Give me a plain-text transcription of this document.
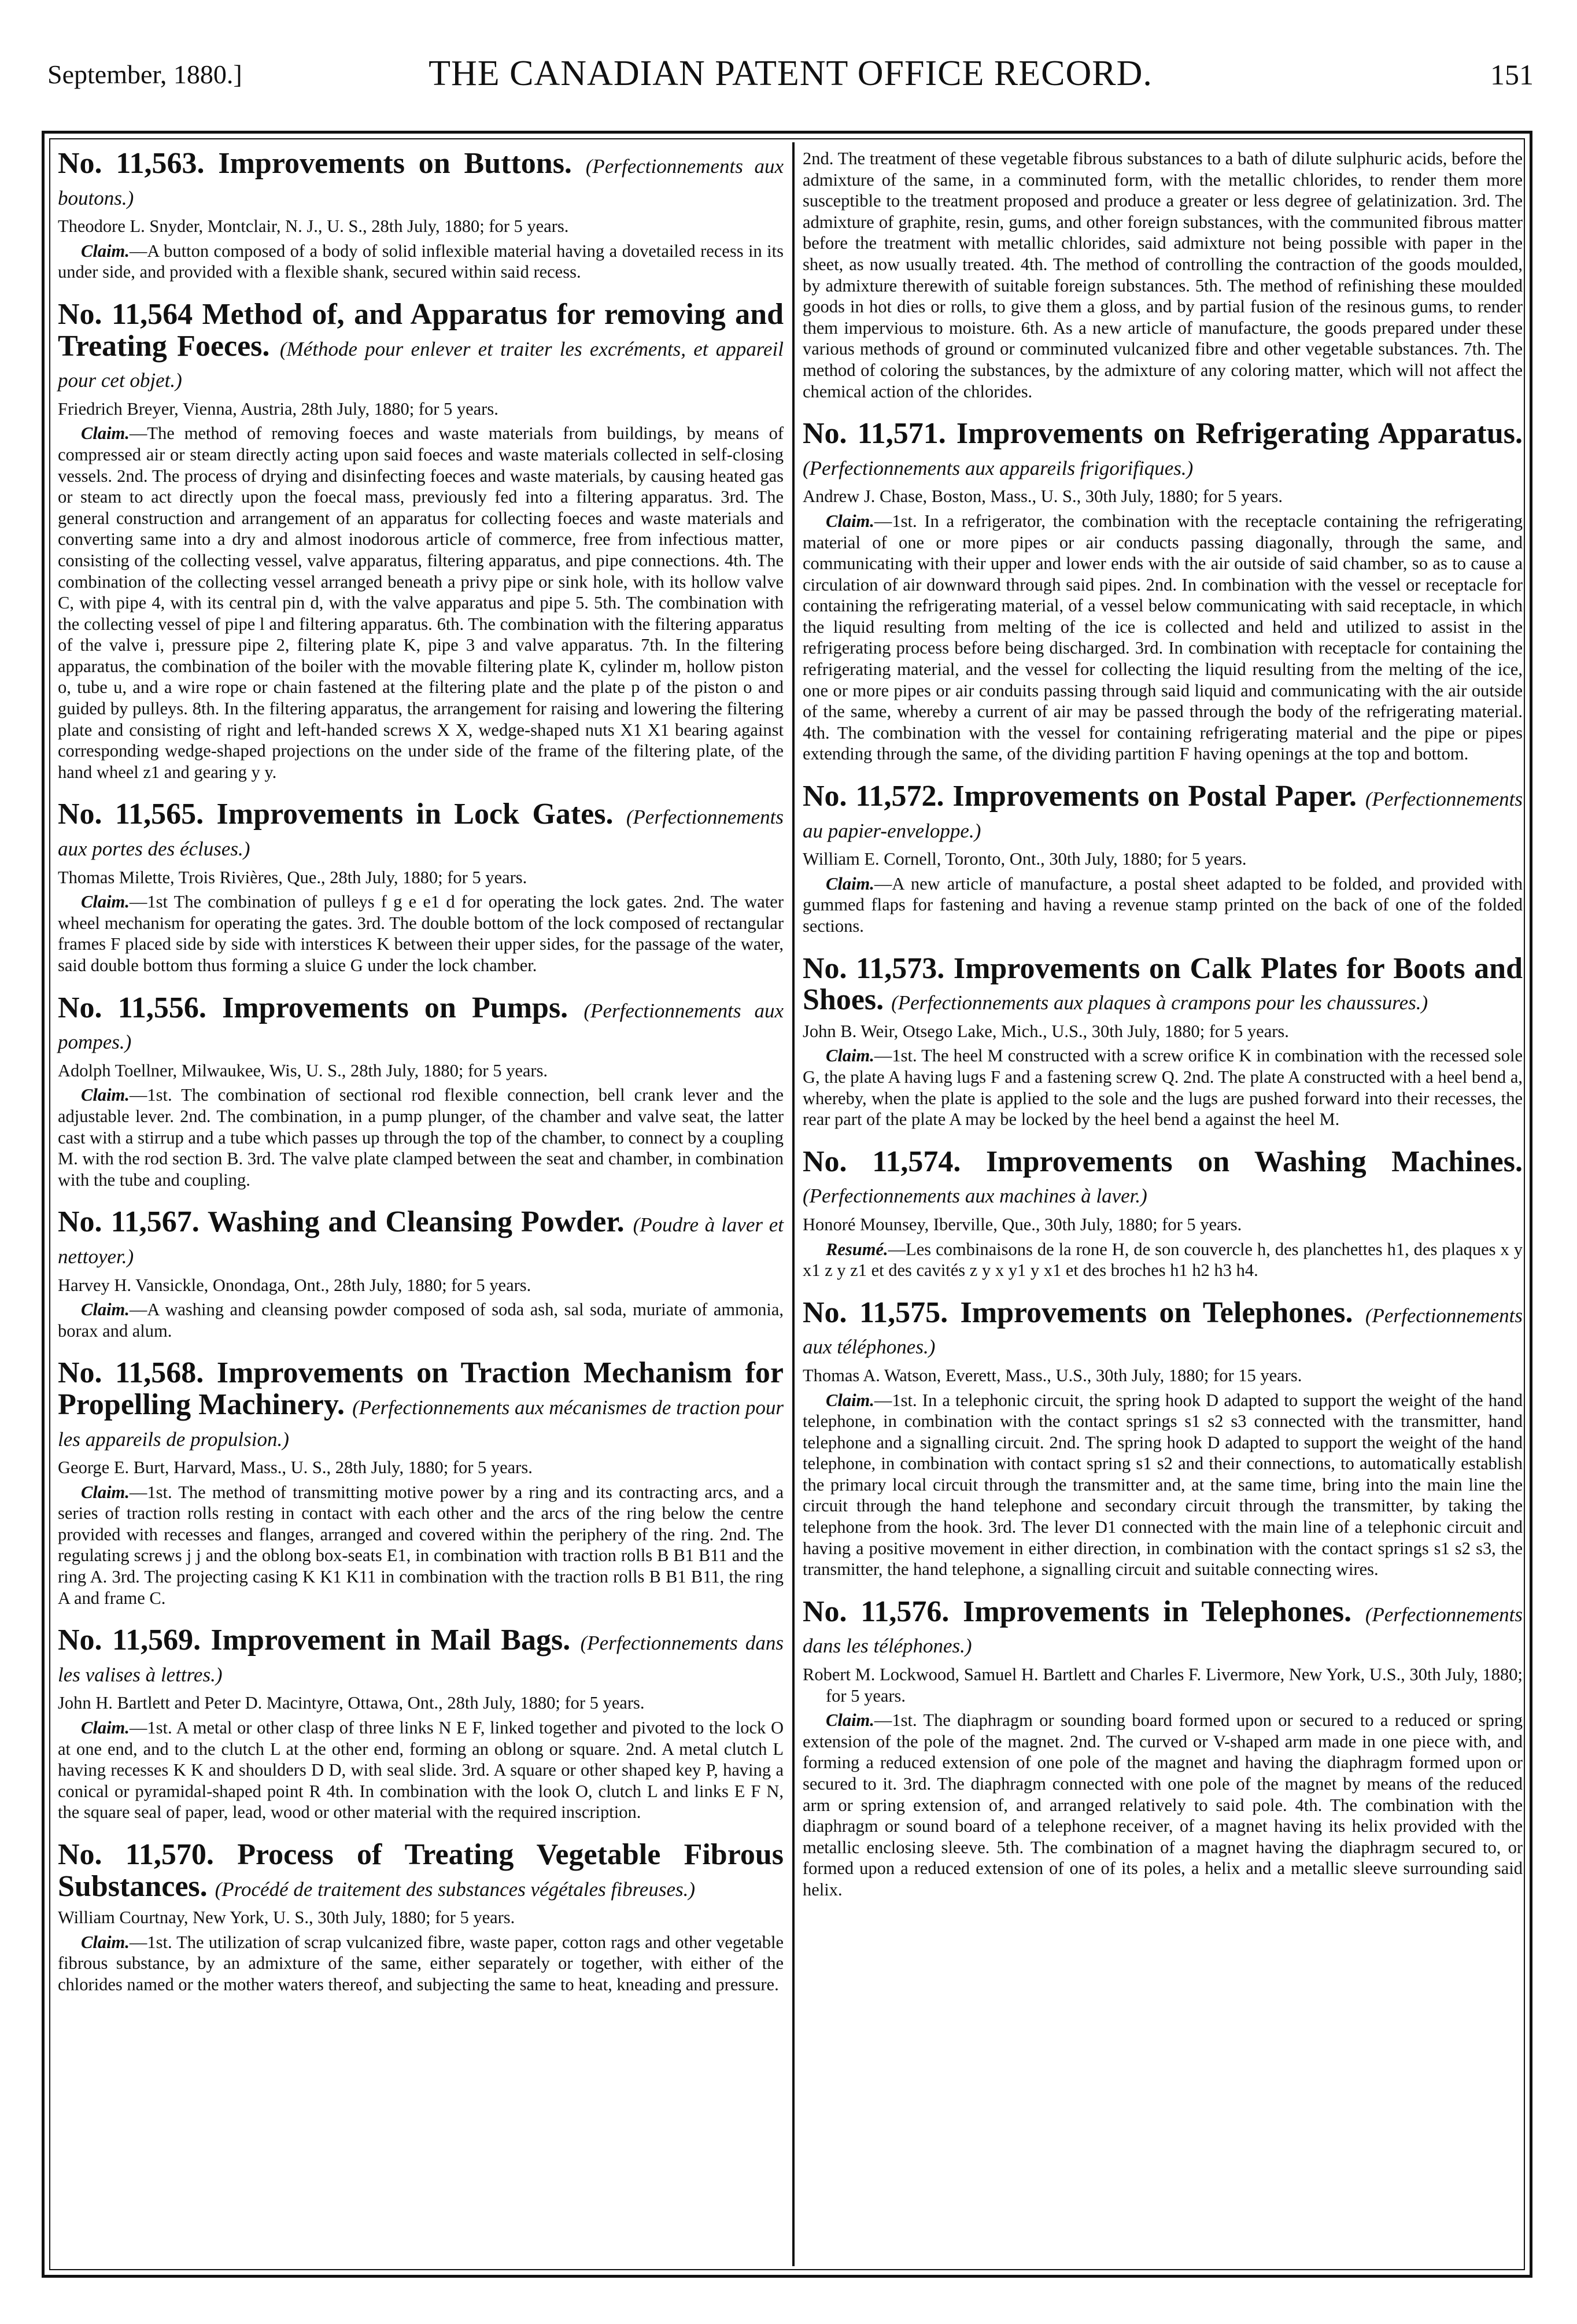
September, 1880.]	THE CANADIAN PATENT OFFICE RECORD.	151
No. 11,563. Improvements on Buttons. (Perfectionnements aux boutons.)

Theodore L. Snyder, Montclair, N. J., U. S., 28th July, 1880; for 5 years.

Claim.—A button composed of a body of solid inflexible material having a dovetailed recess in its under side, and provided with a flexible shank, secured within said recess.

No. 11,564 Method of, and Apparatus for removing and Treating Foeces. (Méthode pour enlever et traiter les excréments, et appareil pour cet objet.)

Friedrich Breyer, Vienna, Austria, 28th July, 1880; for 5 years.

Claim.—The method of removing foeces and waste materials from buildings, by means of compressed air or steam directly acting upon said foeces and waste materials collected in self-closing vessels. 2nd. The process of drying and disinfecting foeces and waste materials, by causing heated gas or steam to act directly upon the foecal mass, previously fed into a filtering apparatus. 3rd. The general construction and arrangement of an apparatus for collecting foeces and waste materials and converting same into a dry and almost inodorous article of commerce, free from infectious matter, consisting of the collecting vessel, valve apparatus, filtering apparatus, and pipe connections. 4th. The combination of the collecting vessel arranged beneath a privy pipe or sink hole, with its hollow valve C, with pipe 4, with its central pin d, with the valve apparatus and pipe 5. 5th. The combination with the collecting vessel of pipe l and filtering apparatus. 6th. The combination with the filtering apparatus of the valve i, pressure pipe 2, filtering plate K, pipe 3 and valve apparatus. 7th. In the filtering apparatus, the combination of the boiler with the movable filtering plate K, cylinder m, hollow piston o, tube u, and a wire rope or chain fastened at the filtering plate and the plate p of the piston o and guided by pulleys. 8th. In the filtering apparatus, the arrangement for raising and lowering the filtering plate and consisting of right and left-handed screws X X, wedge-shaped nuts X1 X1 bearing against corresponding wedge-shaped projections on the under side of the frame of the filtering plate, of the hand wheel z1 and gearing y y.

No. 11,565. Improvements in Lock Gates. (Perfectionnements aux portes des écluses.)

Thomas Milette, Trois Rivières, Que., 28th July, 1880; for 5 years.

Claim.—1st The combination of pulleys f g e e1 d for operating the lock gates. 2nd. The water wheel mechanism for operating the gates. 3rd. The double bottom of the lock composed of rectangular frames F placed side by side with interstices K between their upper sides, for the passage of the water, said double bottom thus forming a sluice G under the lock chamber.

No. 11,556. Improvements on Pumps. (Perfectionnements aux pompes.)

Adolph Toellner, Milwaukee, Wis, U. S., 28th July, 1880; for 5 years.

Claim.—1st. The combination of sectional rod flexible connection, bell crank lever and the adjustable lever. 2nd. The combination, in a pump plunger, of the chamber and valve seat, the latter cast with a stirrup and a tube which passes up through the top of the chamber, to connect by a coupling M. with the rod section B. 3rd. The valve plate clamped between the seat and chamber, in combination with the tube and coupling.

No. 11,567. Washing and Cleansing Powder. (Poudre à laver et nettoyer.)

Harvey H. Vansickle, Onondaga, Ont., 28th July, 1880; for 5 years.

Claim.—A washing and cleansing powder composed of soda ash, sal soda, muriate of ammonia, borax and alum.

No. 11,568. Improvements on Traction Mechanism for Propelling Machinery. (Perfectionnements aux mécanismes de traction pour les appareils de propulsion.)

George E. Burt, Harvard, Mass., U. S., 28th July, 1880; for 5 years.

Claim.—1st. The method of transmitting motive power by a ring and its contracting arcs, and a series of traction rolls resting in contact with each other and the arcs of the ring below the centre provided with recesses and flanges, arranged and covered within the periphery of the ring. 2nd. The regulating screws j j and the oblong box-seats E1, in combination with traction rolls B B1 B11 and the ring A. 3rd. The projecting casing K K1 K11 in combination with the traction rolls B B1 B11, the ring A and frame C.

No. 11,569. Improvement in Mail Bags. (Perfectionnements dans les valises à lettres.)

John H. Bartlett and Peter D. Macintyre, Ottawa, Ont., 28th July, 1880; for 5 years.

Claim.—1st. A metal or other clasp of three links N E F, linked together and pivoted to the lock O at one end, and to the clutch L at the other end, forming an oblong or square. 2nd. A metal clutch L having recesses K K and shoulders D D, with seal slide. 3rd. A square or other shaped key P, having a conical or pyramidal-shaped point R 4th. In combination with the look O, clutch L and links E F N, the square seal of paper, lead, wood or other material with the required inscription.

No. 11,570. Process of Treating Vegetable Fibrous Substances. (Procédé de traitement des substances végétales fibreuses.)

William Courtnay, New York, U. S., 30th July, 1880; for 5 years.

Claim.—1st. The utilization of scrap vulcanized fibre, waste paper, cotton rags and other vegetable fibrous substance, by an admixture of the same, either separately or together, with either of the chlorides named or the mother waters thereof, and subjecting the same to heat, kneading and pressure.

2nd. The treatment of these vegetable fibrous substances to a bath of dilute sulphuric acids, before the admixture of the same, in a comminuted form, with the metallic chlorides, to render them more susceptible to the treatment proposed and produce a greater or less degree of gelatinization. 3rd. The admixture of graphite, resin, gums, and other foreign substances, with the communited fibrous matter before the treatment with metallic chlorides, said admixture not being possible with paper in the sheet, as now usually treated. 4th. The method of controlling the contraction of the goods moulded, by admixture therewith of suitable foreign substances. 5th. The method of refinishing these moulded goods in hot dies or rolls, to give them a gloss, and by partial fusion of the resinous gums, to render them impervious to moisture. 6th. As a new article of manufacture, the goods prepared under these various methods of ground or comminuted vulcanized fibre and other vegetable substances. 7th. The method of coloring the substances, by the admixture of any coloring matter, which will not affect the chemical action of the chlorides.

No. 11,571. Improvements on Refrigerating Apparatus. (Perfectionnements aux appareils frigorifiques.)

Andrew J. Chase, Boston, Mass., U. S., 30th July, 1880; for 5 years.

Claim.—1st. In a refrigerator, the combination with the receptacle containing the refrigerating material of one or more pipes or air conducts passing diagonally, through the same, and communicating with their upper and lower ends with the air outside of said chamber, so as to cause a circulation of air downward through said pipes. 2nd. In combination with the vessel or receptacle for containing the refrigerating material, of a vessel below communicating with said receptacle, in which the liquid resulting from melting of the ice is collected and held and utilized to assist in the refrigerating process before being discharged. 3rd. In combination with receptacle for containing the refrigerating material, and the vessel for collecting the liquid resulting from the melting of the ice, one or more pipes or air conduits passing through said liquid and communicating with the air outside of the same, whereby a current of air may be passed through the body of the refrigerating material. 4th. The combination with the vessel for containing refrigerating material and the pipe or pipes extending through the same, of the dividing partition F having openings at the top and bottom.

No. 11,572. Improvements on Postal Paper. (Perfectionnements au papier-enveloppe.)

William E. Cornell, Toronto, Ont., 30th July, 1880; for 5 years.

Claim.—A new article of manufacture, a postal sheet adapted to be folded, and provided with gummed flaps for fastening and having a revenue stamp printed on the back of one of the folded sections.

No. 11,573. Improvements on Calk Plates for Boots and Shoes. (Perfectionnements aux plaques à crampons pour les chaussures.)

John B. Weir, Otsego Lake, Mich., U.S., 30th July, 1880; for 5 years.

Claim.—1st. The heel M constructed with a screw orifice K in combination with the recessed sole G, the plate A having lugs F and a fastening screw Q. 2nd. The plate A constructed with a heel bend a, whereby, when the plate is applied to the sole and the lugs are pushed forward into their recesses, the rear part of the plate A may be locked by the heel bend a against the heel M.

No. 11,574. Improvements on Washing Machines. (Perfectionnements aux machines à laver.)

Honoré Mounsey, Iberville, Que., 30th July, 1880; for 5 years.

Resumé.—Les combinaisons de la rone H, de son couvercle h, des planchettes h1, des plaques x y x1 z y z1 et des cavités z y x y1 y x1 et des broches h1 h2 h3 h4.

No. 11,575. Improvements on Telephones. (Perfectionnements aux téléphones.)

Thomas A. Watson, Everett, Mass., U.S., 30th July, 1880; for 15 years.

Claim.—1st. In a telephonic circuit, the spring hook D adapted to support the weight of the hand telephone, in combination with the contact springs s1 s2 s3 connected with the transmitter, hand telephone and a signalling circuit. 2nd. The spring hook D adapted to support the weight of the hand telephone, in combination with contact spring s1 s2 and their connections, to automatically establish the primary local circuit through the transmitter and, at the same time, bring into the main line the circuit through the hand telephone and secondary circuit through the transmitter, by taking the telephone from the hook. 3rd. The lever D1 connected with the main line of a telephonic circuit and having a positive movement in either direction, in combination with the contact springs s1 s2 s3, the transmitter, the hand telephone, a signalling circuit and suitable connecting wires.

No. 11,576. Improvements in Telephones. (Perfectionnements dans les téléphones.)

Robert M. Lockwood, Samuel H. Bartlett and Charles F. Livermore, New York, U.S., 30th July, 1880; for 5 years.

Claim.—1st. The diaphragm or sounding board formed upon or secured to a reduced or spring extension of the pole of the magnet. 2nd. The curved or V-shaped arm made in one piece with, and forming a reduced extension of one pole of the magnet and having the diaphragm formed upon or secured to it. 3rd. The diaphragm connected with one pole of the magnet by means of the reduced arm or spring extension of, and arranged relatively to said pole. 4th. The combination with the diaphragm or sound board of a telephone receiver, of a magnet having its helix provided with the metallic enclosing sleeve. 5th. The combination of a magnet having the diaphragm secured to, or formed upon a reduced extension of one of its poles, a helix and a metallic sleeve surrounding said helix.
